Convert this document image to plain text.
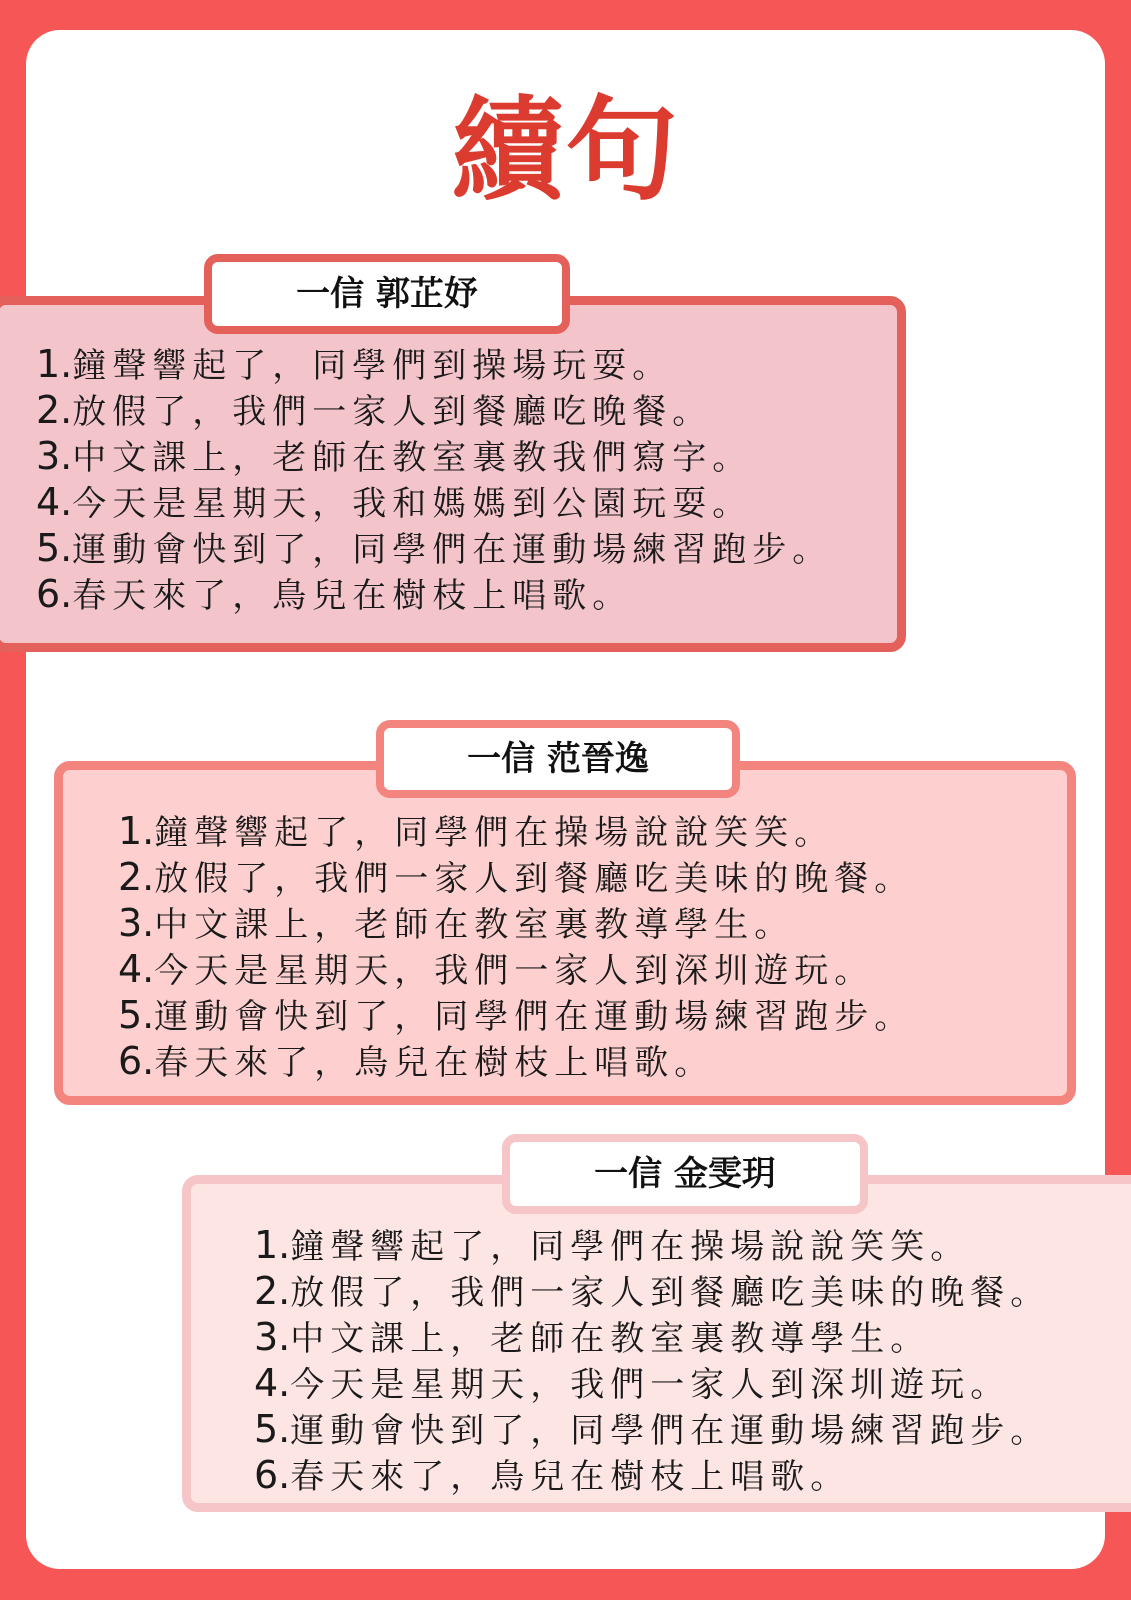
續句
一信 郭芷妤
1.鐘聲響起了，同學們到操場玩耍。
2.放假了，我們一家人到餐廳吃晚餐。
3.中文課上，老師在教室裏教我們寫字。
4.今天是星期天，我和媽媽到公園玩耍。
5.運動會快到了，同學們在運動場練習跑步。
6.春天來了，鳥兒在樹枝上唱歌。
一信 范晉逸
1.鐘聲響起了，同學們在操場說說笑笑。
2.放假了，我們一家人到餐廳吃美味的晚餐。
3.中文課上，老師在教室裏教導學生。
4.今天是星期天，我們一家人到深圳遊玩。
5.運動會快到了，同學們在運動場練習跑步。
6.春天來了，鳥兒在樹枝上唱歌。
一信 金雯玥
1.鐘聲響起了，同學們在操場說說笑笑。
2.放假了，我們一家人到餐廳吃美味的晚餐。
3.中文課上，老師在教室裏教導學生。
4.今天是星期天，我們一家人到深圳遊玩。
5.運動會快到了，同學們在運動場練習跑步。
6.春天來了，鳥兒在樹枝上唱歌。
